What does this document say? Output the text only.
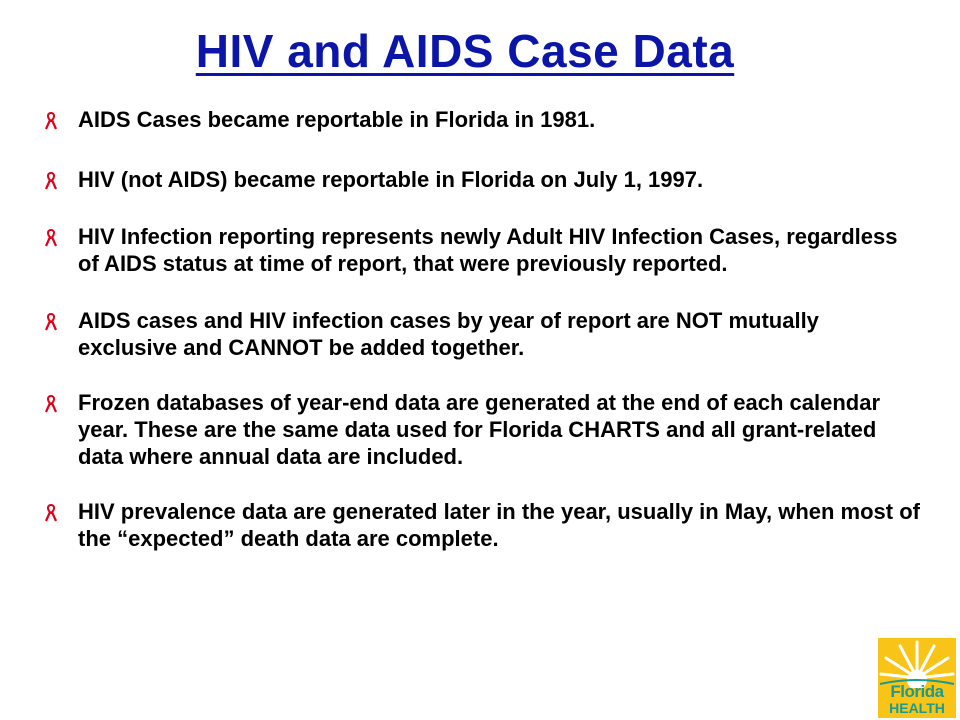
HIV and AIDS Case Data
AIDS Cases became reportable in Florida in 1981.
HIV (not AIDS) became reportable in Florida on July 1, 1997.
HIV Infection reporting represents newly Adult HIV Infection Cases, regardless of AIDS status at time of report, that were previously reported.
AIDS cases and HIV infection cases by year of report are NOT mutually exclusive and CANNOT be added together.
Frozen databases of year-end data are generated at the end of each calendar year. These are the same data used for Florida CHARTS and all grant-related data where annual data are included.
HIV prevalence data are generated later in the year, usually in May, when most of the “expected” death data are complete.
Florida
HEALTH
